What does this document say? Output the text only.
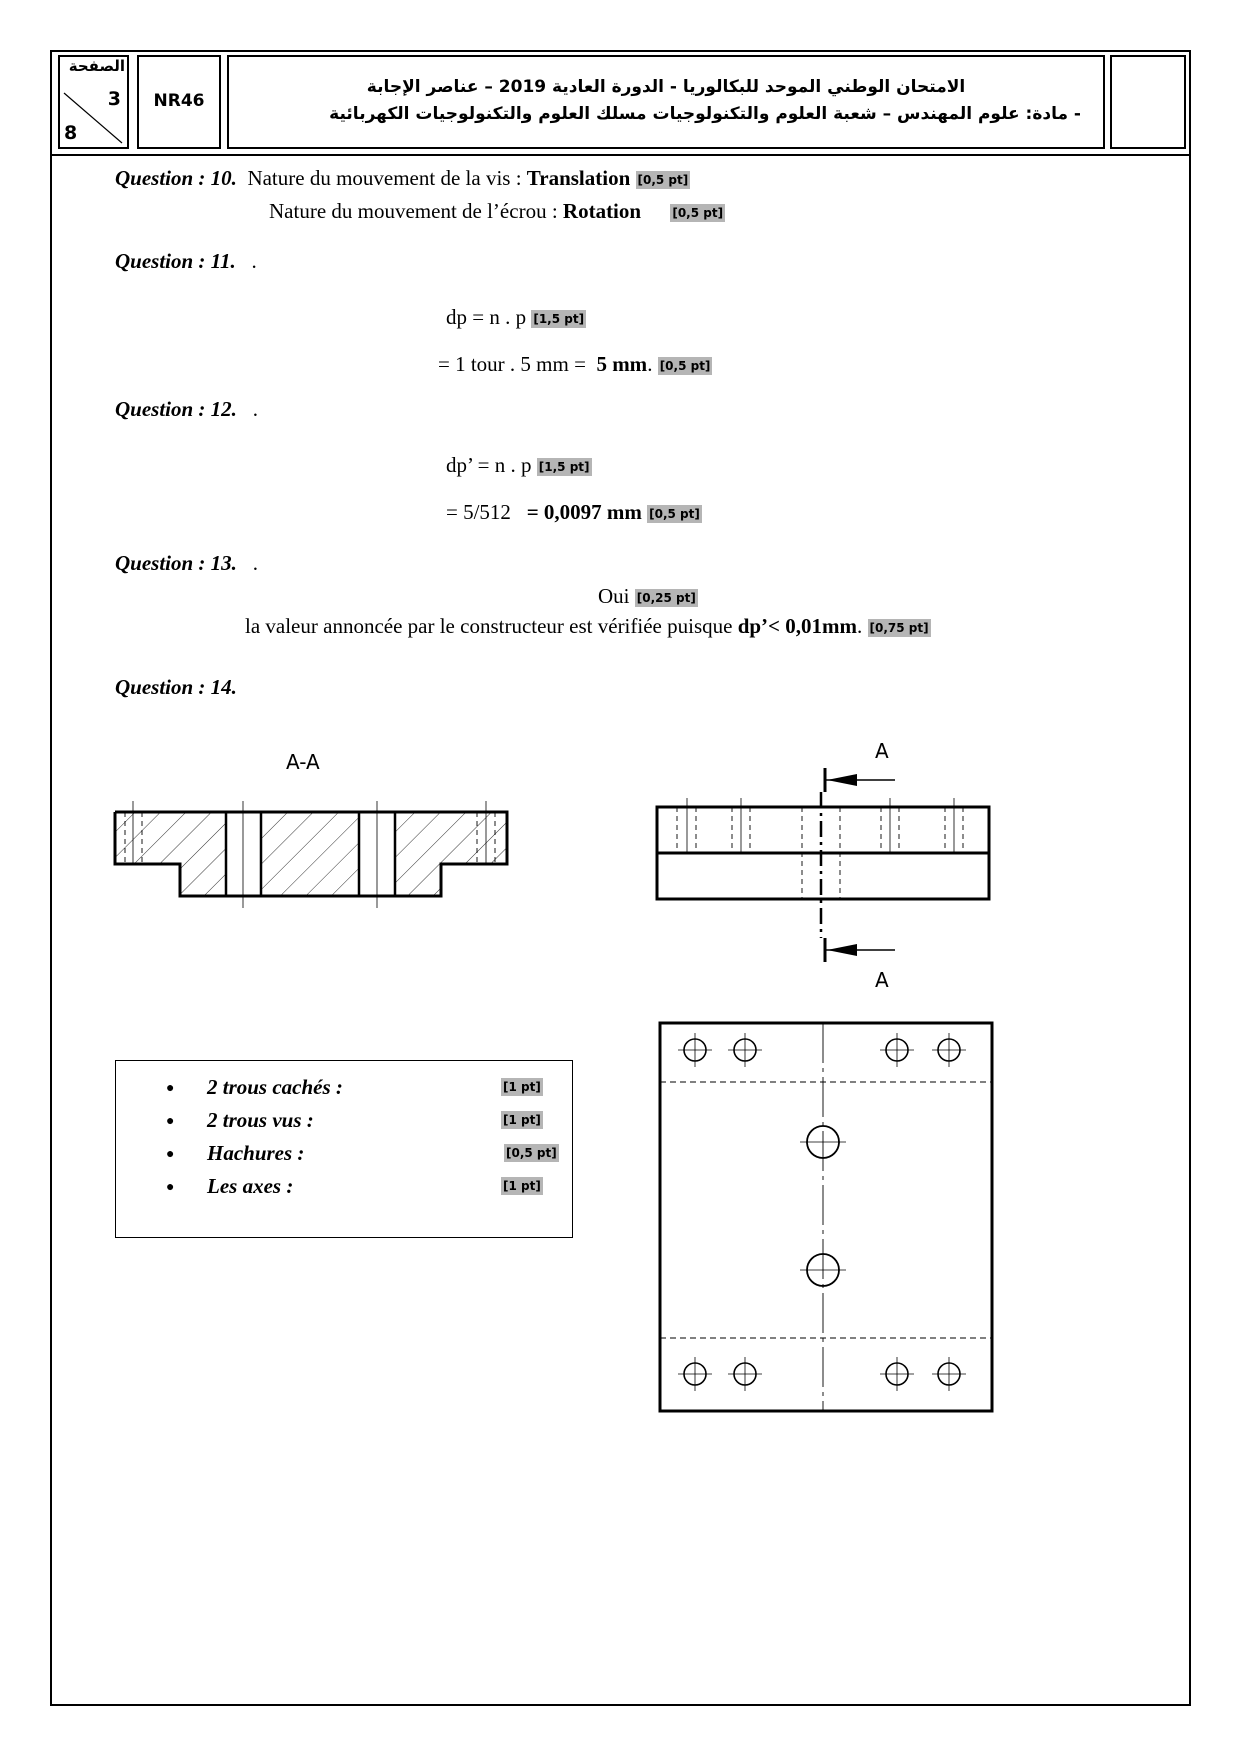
الصفحة
3
8
NR46
الامتحان الوطني الموحد للبكالوريا - الدورة العادية 2019 – عناصر الإجابة
- مادة: علوم المهندس – شعبة العلوم والتكنولوجيات مسلك العلوم والتكنولوجيات الكهربائية
Question : 10. Nature du mouvement de la vis : Translation [0,5 pt]
Nature du mouvement de l’écrou : Rotation	[0,5 pt]
Question : 11. .
dp = n . p [1,5 pt]
= 1 tour . 5 mm = 5 mm. [0,5 pt]
Question : 12. .
dp’ = n . p [1,5 pt]
= 5/512 = 0,0097 mm [0,5 pt]
Question : 13. .
Oui [0,25 pt]
la valeur annoncée par le constructeur est vérifiée puisque dp’< 0,01mm. [0,75 pt]
Question : 14.
A-A	A
A
● 2 trous cachés :	[1 pt]
● 2 trous vus :	[1 pt]
● Hachures :	[0,5 pt]
● Les axes :	[1 pt]
